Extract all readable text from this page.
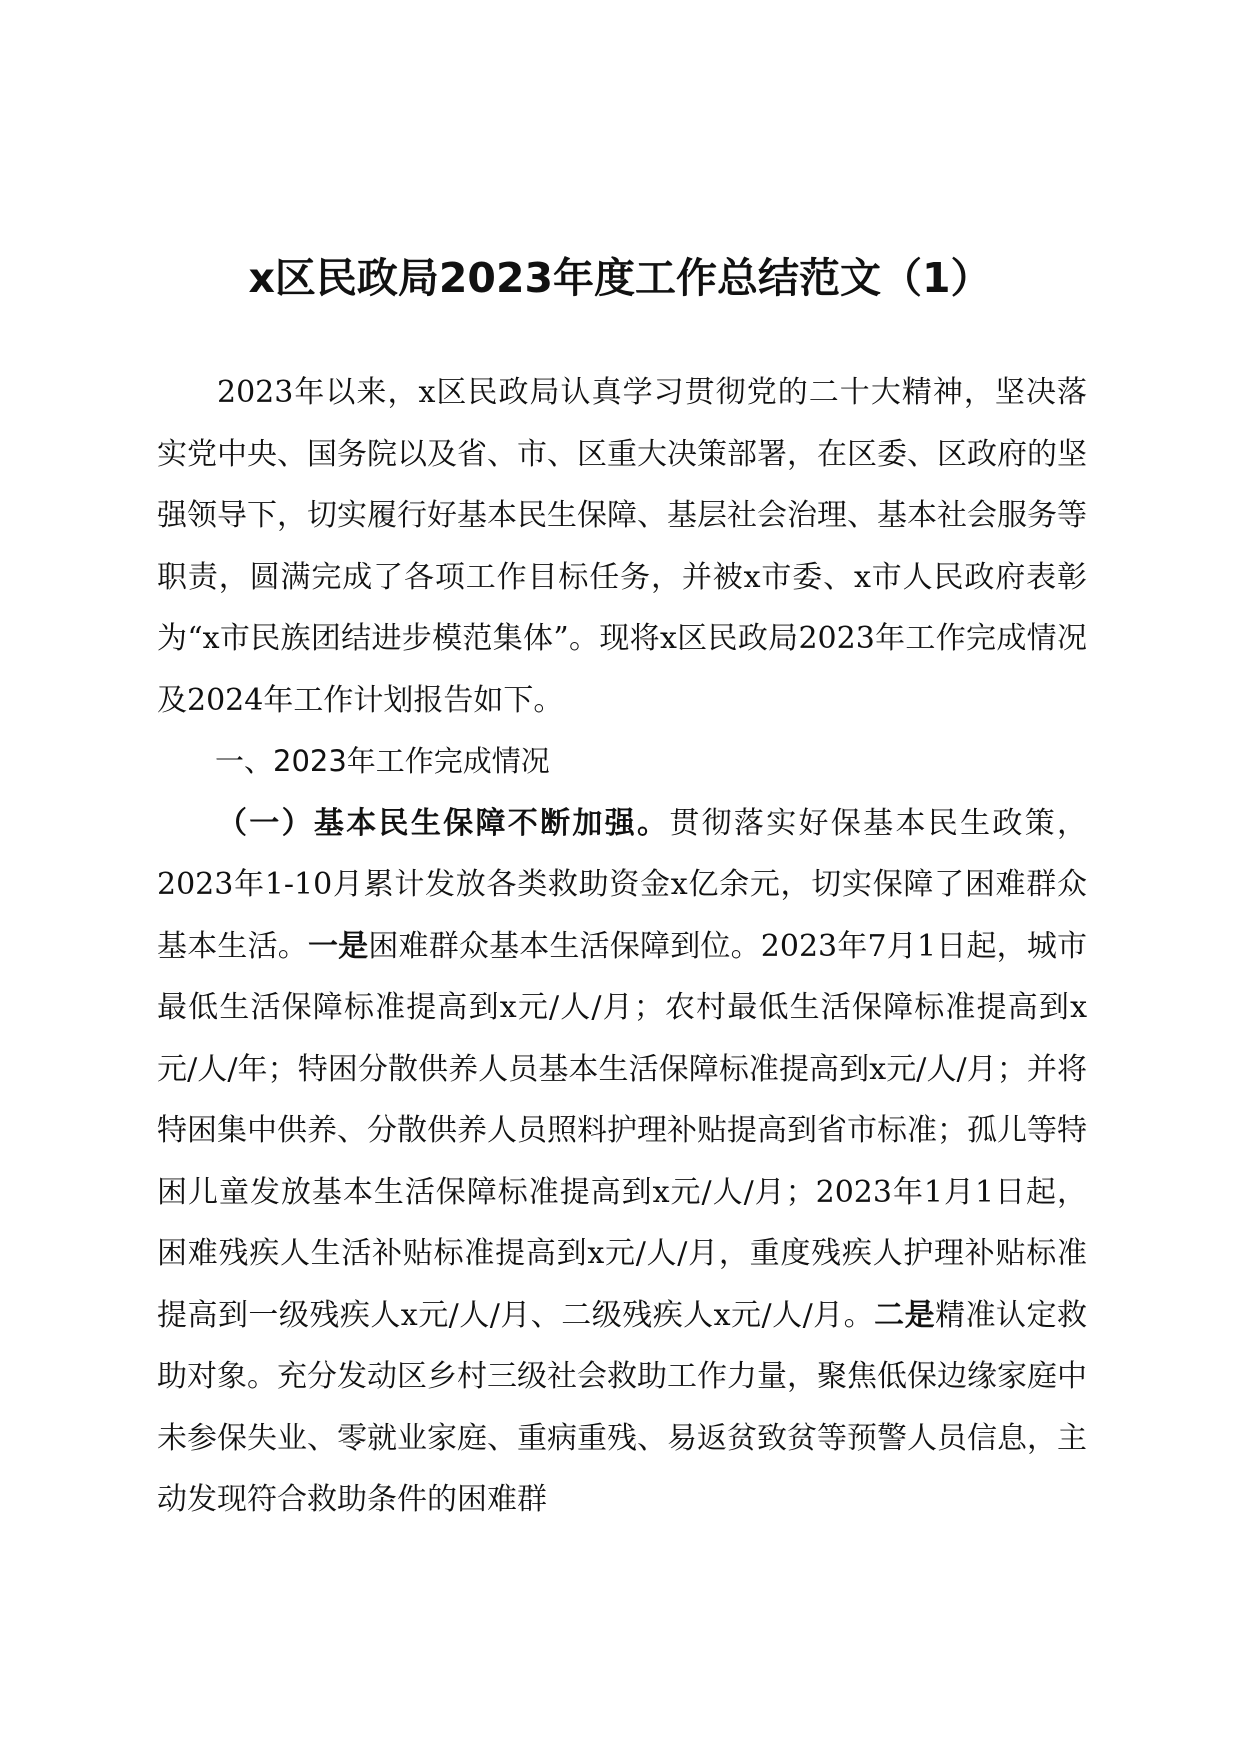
x区民政局2023年度工作总结范文（1）

2023年以来，x区民政局认真学习贯彻党的二十大精神，坚决落实党中央、国务院以及省、市、区重大决策部署，在区委、区政府的坚强领导下，切实履行好基本民生保障、基层社会治理、基本社会服务等职责，圆满完成了各项工作目标任务，并被x市委、x市人民政府表彰为“x市民族团结进步模范集体”。现将x区民政局2023年工作完成情况及2024年工作计划报告如下。

一、2023年工作完成情况

（一）基本民生保障不断加强。贯彻落实好保基本民生政策，2023年1-10月累计发放各类救助资金x亿余元，切实保障了困难群众基本生活。一是困难群众基本生活保障到位。2023年7月1日起，城市最低生活保障标准提高到x元/人/月；农村最低生活保障标准提高到x元/人/年；特困分散供养人员基本生活保障标准提高到x元/人/月；并将特困集中供养、分散供养人员照料护理补贴提高到省市标准；孤儿等特困儿童发放基本生活保障标准提高到x元/人/月；2023年1月1日起，困难残疾人生活补贴标准提高到x元/人/月，重度残疾人护理补贴标准提高到一级残疾人x元/人/月、二级残疾人x元/人/月。二是精准认定救助对象。充分发动区乡村三级社会救助工作力量，聚焦低保边缘家庭中未参保失业、零就业家庭、重病重残、易返贫致贫等预警人员信息，主动发现符合救助条件的困难群
